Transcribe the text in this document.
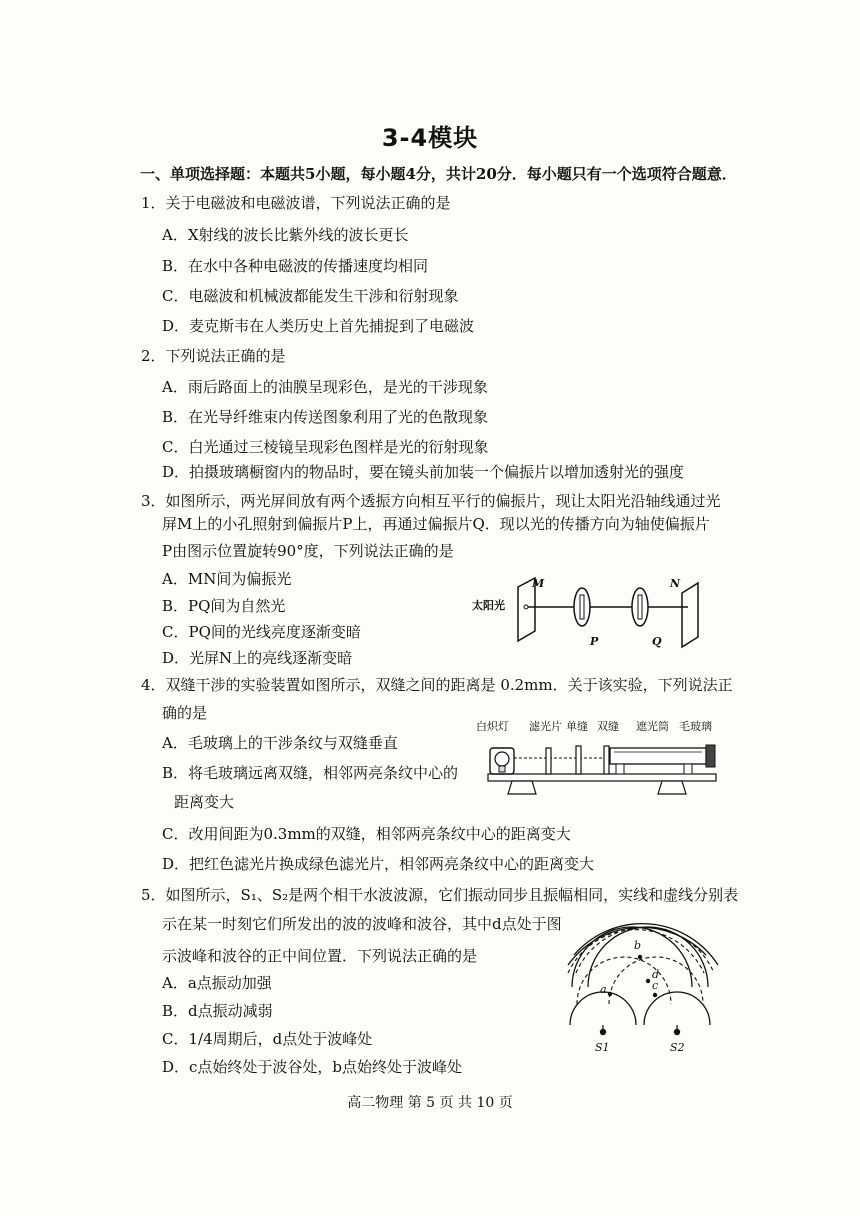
3-4模块
一、单项选择题：本题共5小题，每小题4分，共计20分．每小题只有一个选项符合题意．
1．关于电磁波和电磁波谱，下列说法正确的是
A．X射线的波长比紫外线的波长更长
B．在水中各种电磁波的传播速度均相同
C．电磁波和机械波都能发生干涉和衍射现象
D．麦克斯韦在人类历史上首先捕捉到了电磁波
2．下列说法正确的是
A．雨后路面上的油膜呈现彩色，是光的干涉现象
B．在光导纤维束内传送图象利用了光的色散现象
C．白光通过三棱镜呈现彩色图样是光的衍射现象
D．拍摄玻璃橱窗内的物品时，要在镜头前加装一个偏振片以增加透射光的强度
3．如图所示，两光屏间放有两个透振方向相互平行的偏振片，现让太阳光沿轴线通过光
屏M上的小孔照射到偏振片P上，再通过偏振片Q．现以光的传播方向为轴使偏振片
P由图示位置旋转90°度，下列说法正确的是
A．MN间为偏振光
B．PQ间为自然光
C．PQ间的光线亮度逐渐变暗
D．光屏N上的亮线逐渐变暗
太阳光
M
P	Q
N
4．双缝干涉的实验装置如图所示，双缝之间的距离是 0.2mm．关于该实验，下列说法正
确的是
A．毛玻璃上的干涉条纹与双缝垂直
B．将毛玻璃远离双缝，相邻两亮条纹中心的
距离变大
C．改用间距为0.3mm的双缝，相邻两亮条纹中心的距离变大
D．把红色滤光片换成绿色滤光片，相邻两亮条纹中心的距离变大
白炽灯 滤光片 单缝 双缝 遮光筒 毛玻璃
5．如图所示，S₁、S₂是两个相干水波波源，它们振动同步且振幅相同，实线和虚线分别表
示在某一时刻它们所发出的波的波峰和波谷，其中d点处于图
示波峰和波谷的正中间位置．下列说法正确的是
A．a点振动加强
B．d点振动减弱
C．1/4周期后，d点处于波峰处
D．c点始终处于波谷处，b点始终处于波峰处
a
b
c
d
S1	S2
高二物理 第 5 页 共 10 页
